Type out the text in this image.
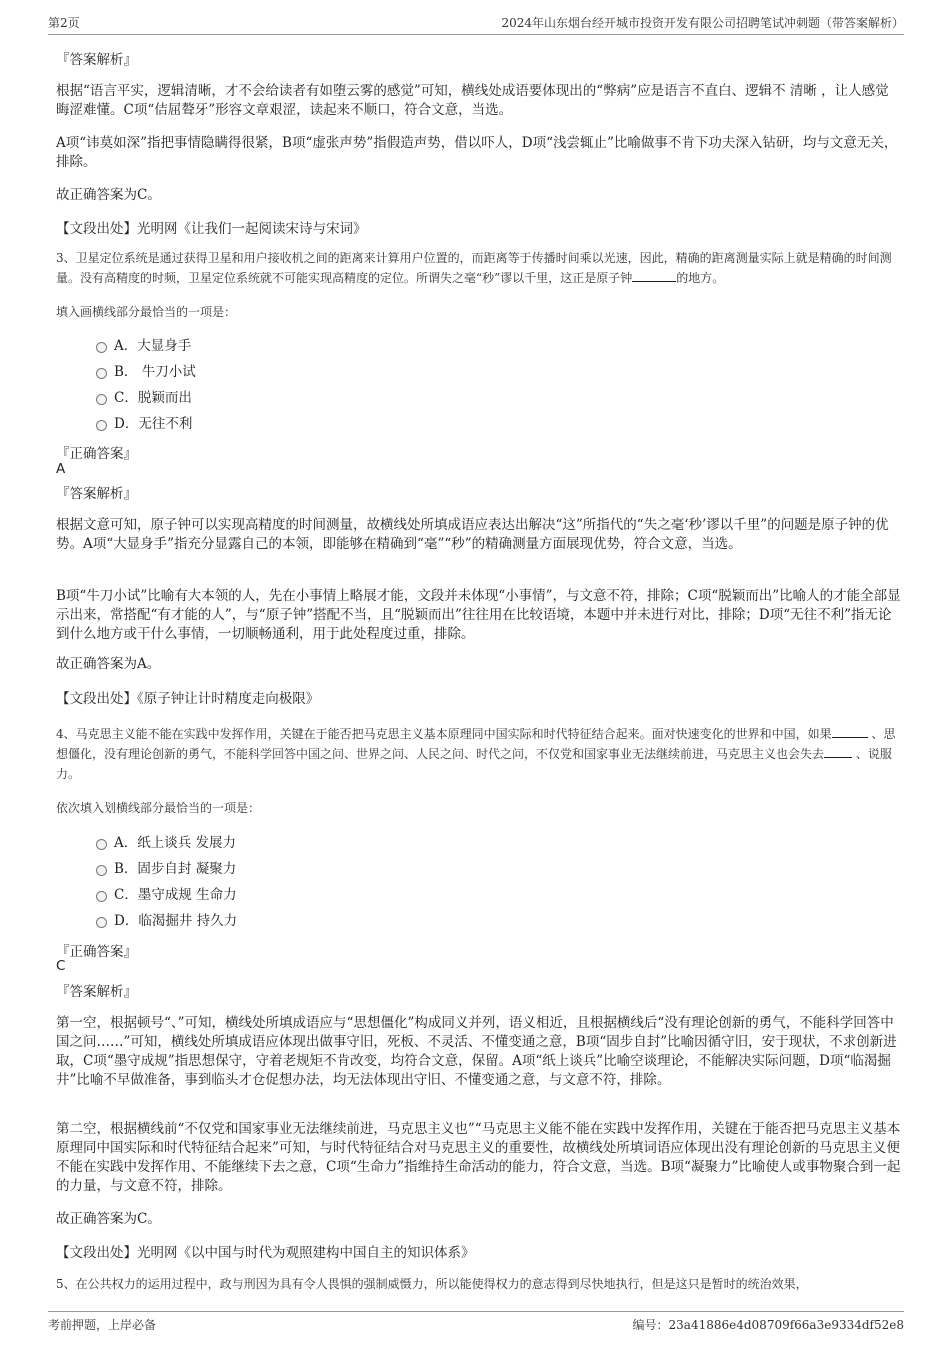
第2页	2024年山东烟台经开城市投资开发有限公司招聘笔试冲刺题（带答案解析）
『答案解析』

根据“语言平实，逻辑清晰，才不会给读者有如堕云雾的感觉”可知，横线处成语要体现出的“弊病”应是语言不直白、逻辑不 清晰 ，让人感觉晦涩难懂。C项“佶屈聱牙”形容文章艰涩，读起来不顺口，符合文意，当选。

A项“讳莫如深”指把事情隐瞒得很紧，B项“虚张声势”指假造声势，借以吓人，D项“浅尝辄止”比喻做事不肯下功夫深入钻研，均与文意无关，排除。

故正确答案为C。

【文段出处】光明网《让我们一起阅读宋诗与宋词》

3、卫星定位系统是通过获得卫星和用户接收机之间的距离来计算用户位置的，而距离等于传播时间乘以光速，因此，精确的距离测量实际上就是精确的时间测量。没有高精度的时频，卫星定位系统就不可能实现高精度的定位。所谓失之毫“秒”谬以千里，这正是原子钟	的地方。

填入画横线部分最恰当的一项是：

A．大显身手
B． 牛刀小试
C．脱颖而出
D．无往不利
『正确答案』
A
『答案解析』

根据文意可知，原子钟可以实现高精度的时间测量，故横线处所填成语应表达出解决“这”所指代的“失之毫‘秒’谬以千里”的问题是原子钟的优势。A项“大显身手”指充分显露自己的本领，即能够在精确到“毫”“秒”的精确测量方面展现优势，符合文意，当选。

B项“牛刀小试”比喻有大本领的人，先在小事情上略展才能，文段并未体现“小事情”，与文意不符，排除；C项“脱颖而出”比喻人的才能全部显示出来，常搭配“有才能的人”，与“原子钟”搭配不当，且“脱颖而出”往往用在比较语境，本题中并未进行对比，排除；D项“无往不利”指无论到什么地方或干什么事情，一切顺畅通利，用于此处程度过重，排除。

故正确答案为A。

【文段出处】《原子钟让计时精度走向极限》

4、马克思主义能不能在实践中发挥作用，关键在于能否把马克思主义基本原理同中国实际和时代特征结合起来。面对快速变化的世界和中国，如果	、思想僵化，没有理论创新的勇气，不能科学回答中国之问、世界之问、人民之问、时代之问，不仅党和国家事业无法继续前进，马克思主义也会失去 、说服力。

依次填入划横线部分最恰当的一项是：

A．纸上谈兵 发展力
B．固步自封 凝聚力
C．墨守成规 生命力
D．临渴掘井 持久力
『正确答案』
C
『答案解析』

第一空，根据顿号“、”可知，横线处所填成语应与“思想僵化”构成同义并列，语义相近，且根据横线后“没有理论创新的勇气，不能科学回答中国之问……”可知，横线处所填成语应体现出做事守旧，死板、不灵活、不懂变通之意，B项“固步自封”比喻因循守旧，安于现状，不求创新进取，C项“墨守成规”指思想保守，守着老规矩不肯改变，均符合文意，保留。A项“纸上谈兵”比喻空谈理论，不能解决实际问题，D项“临渴掘井”比喻不早做准备，事到临头才仓促想办法，均无法体现出守旧、不懂变通之意，与文意不符，排除。

第二空，根据横线前“不仅党和国家事业无法继续前进，马克思主义也”“马克思主义能不能在实践中发挥作用，关键在于能否把马克思主义基本原理同中国实际和时代特征结合起来”可知，与时代特征结合对马克思主义的重要性，故横线处所填词语应体现出没有理论创新的马克思主义便不能在实践中发挥作用、不能继续下去之意，C项“生命力”指维持生命活动的能力，符合文意，当选。B项“凝聚力”比喻使人或事物聚合到一起的力量，与文意不符，排除。

故正确答案为C。

【文段出处】光明网《以中国与时代为观照建构中国自主的知识体系》

5、在公共权力的运用过程中，政与刑因为具有令人畏惧的强制威慑力，所以能使得权力的意志得到尽快地执行，但是这只是暂时的统治效果，

考前押题，上岸必备	编号：23a41886e4d08709f66a3e9334df52e8
